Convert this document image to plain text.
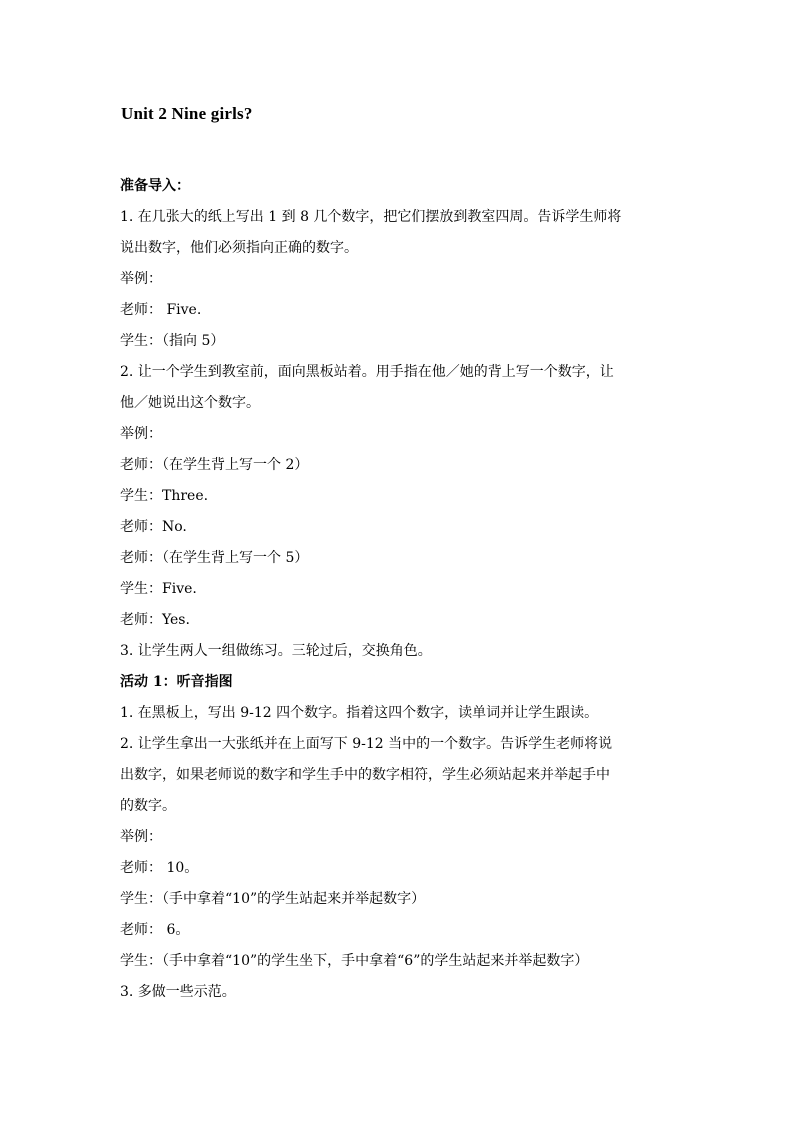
Unit 2 Nine girls?
准备导入：
1. 在几张大的纸上写出 1 到 8 几个数字，把它们摆放到教室四周。告诉学生师将
说出数字，他们必须指向正确的数字。
举例：
老师： Five.
学生：（指向 5）
2. 让一个学生到教室前，面向黑板站着。用手指在他／她的背上写一个数字，让
他／她说出这个数字。
举例：
老师：（在学生背上写一个 2）
学生：Three.
老师：No.
老师：（在学生背上写一个 5）
学生：Five.
老师：Yes.
3. 让学生两人一组做练习。三轮过后，交换角色。
活动 1：听音指图
1. 在黑板上，写出 9-12 四个数字。指着这四个数字，读单词并让学生跟读。
2. 让学生拿出一大张纸并在上面写下 9-12 当中的一个数字。告诉学生老师将说
出数字，如果老师说的数字和学生手中的数字相符，学生必须站起来并举起手中
的数字。
举例：
老师： 10。
学生：（手中拿着“10”的学生站起来并举起数字）
老师： 6。
学生：（手中拿着“10”的学生坐下，手中拿着“6”的学生站起来并举起数字）
3. 多做一些示范。
